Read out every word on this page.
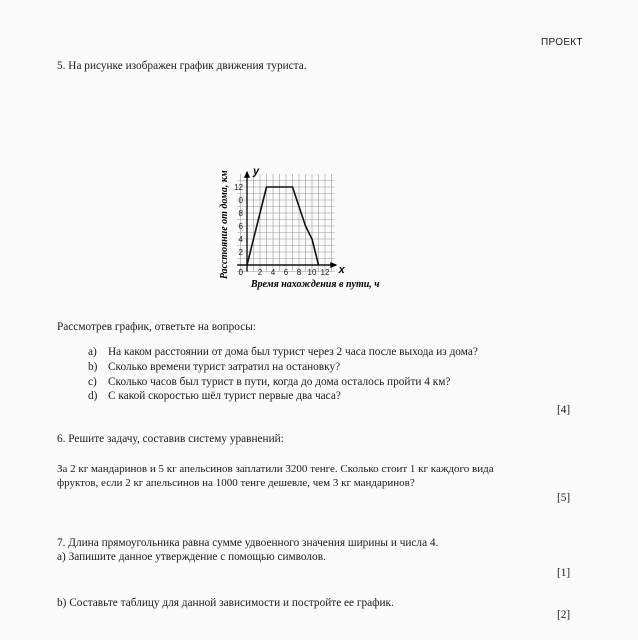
ПРОЕКТ
5. На рисунке изображен график движения туриста.
2 4 6 8 10 12
2
4
6
8
0
12
x
y
0
Время нахождения в пути, ч
Расстояние от дома, км
Рассмотрев график, ответьте на вопросы:
a) На каком расстоянии от дома был турист через 2 часа после выхода из дома?
b) Сколько времени турист затратил на остановку?
c) Сколько часов был турист в пути, когда до дома осталось пройти 4 км?
d) С какой скоростью шёл турист первые два часа?
[4]
6. Решите задачу, составив систему уравнений:
За 2 кг мандаринов и 5 кг апельсинов заплатили 3200 тенге. Сколько стоит 1 кг каждого вида
фруктов, если 2 кг апельсинов на 1000 тенге дешевле, чем 3 кг мандаринов?
[5]
7. Длина прямоугольника равна сумме удвоенного значения ширины и числа 4.
а) Запишите данное утверждение с помощью символов.
[1]
b) Составьте таблицу для данной зависимости и постройте ее график.
[2]
